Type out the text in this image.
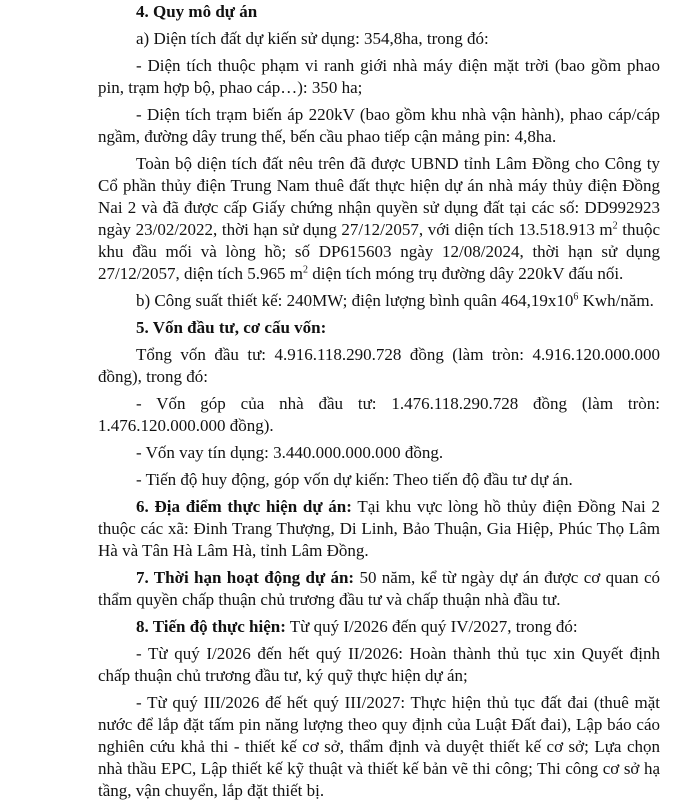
4. Quy mô dự án

a) Diện tích đất dự kiến sử dụng: 354,8ha, trong đó:

- Diện tích thuộc phạm vi ranh giới nhà máy điện mặt trời (bao gồm phao pin, trạm hợp bộ, phao cáp…): 350 ha;

- Diện tích trạm biến áp 220kV (bao gồm khu nhà vận hành), phao cáp/cáp ngầm, đường dây trung thế, bến cầu phao tiếp cận mảng pin: 4,8ha.

Toàn bộ diện tích đất nêu trên đã được UBND tỉnh Lâm Đồng cho Công ty Cổ phần thủy điện Trung Nam thuê đất thực hiện dự án nhà máy thủy điện Đồng Nai 2 và đã được cấp Giấy chứng nhận quyền sử dụng đất tại các số: DD992923 ngày 23/02/2022, thời hạn sử dụng 27/12/2057, với diện tích 13.518.913 $m^2$ thuộc khu đầu mối và lòng hồ; số DP615603 ngày 12/08/2024, thời hạn sử dụng 27/12/2057, diện tích 5.965 $m^2$ diện tích móng trụ đường dây 220kV đấu nối.

b) Công suất thiết kế: 240MW; điện lượng bình quân $464,19x10^6$ Kwh/năm.

5. Vốn đầu tư, cơ cấu vốn:

Tổng vốn đầu tư: 4.916.118.290.728 đồng (làm tròn: 4.916.120.000.000 đồng), trong đó:

- Vốn góp của nhà đầu tư: 1.476.118.290.728 đồng (làm tròn: 1.476.120.000.000 đồng).

- Vốn vay tín dụng: 3.440.000.000.000 đồng.

- Tiến độ huy động, góp vốn dự kiến: Theo tiến độ đầu tư dự án.

6. Địa điểm thực hiện dự án: Tại khu vực lòng hồ thủy điện Đồng Nai 2 thuộc các xã: Đinh Trang Thượng, Di Linh, Bảo Thuận, Gia Hiệp, Phúc Thọ Lâm Hà và Tân Hà Lâm Hà, tỉnh Lâm Đồng.

7. Thời hạn hoạt động dự án: 50 năm, kể từ ngày dự án được cơ quan có thẩm quyền chấp thuận chủ trương đầu tư và chấp thuận nhà đầu tư.

8. Tiến độ thực hiện: Từ quý I/2026 đến quý IV/2027, trong đó:

- Từ quý I/2026 đến hết quý II/2026: Hoàn thành thủ tục xin Quyết định chấp thuận chủ trương đầu tư, ký quỹ thực hiện dự án;

- Từ quý III/2026 đế hết quý III/2027: Thực hiện thủ tục đất đai (thuê mặt nước để lắp đặt tấm pin năng lượng theo quy định của Luật Đất đai), Lập báo cáo nghiên cứu khả thi - thiết kế cơ sở, thẩm định và duyệt thiết kế cơ sở; Lựa chọn nhà thầu EPC, Lập thiết kế kỹ thuật và thiết kế bản vẽ thi công; Thi công cơ sở hạ tầng, vận chuyển, lắp đặt thiết bị.
